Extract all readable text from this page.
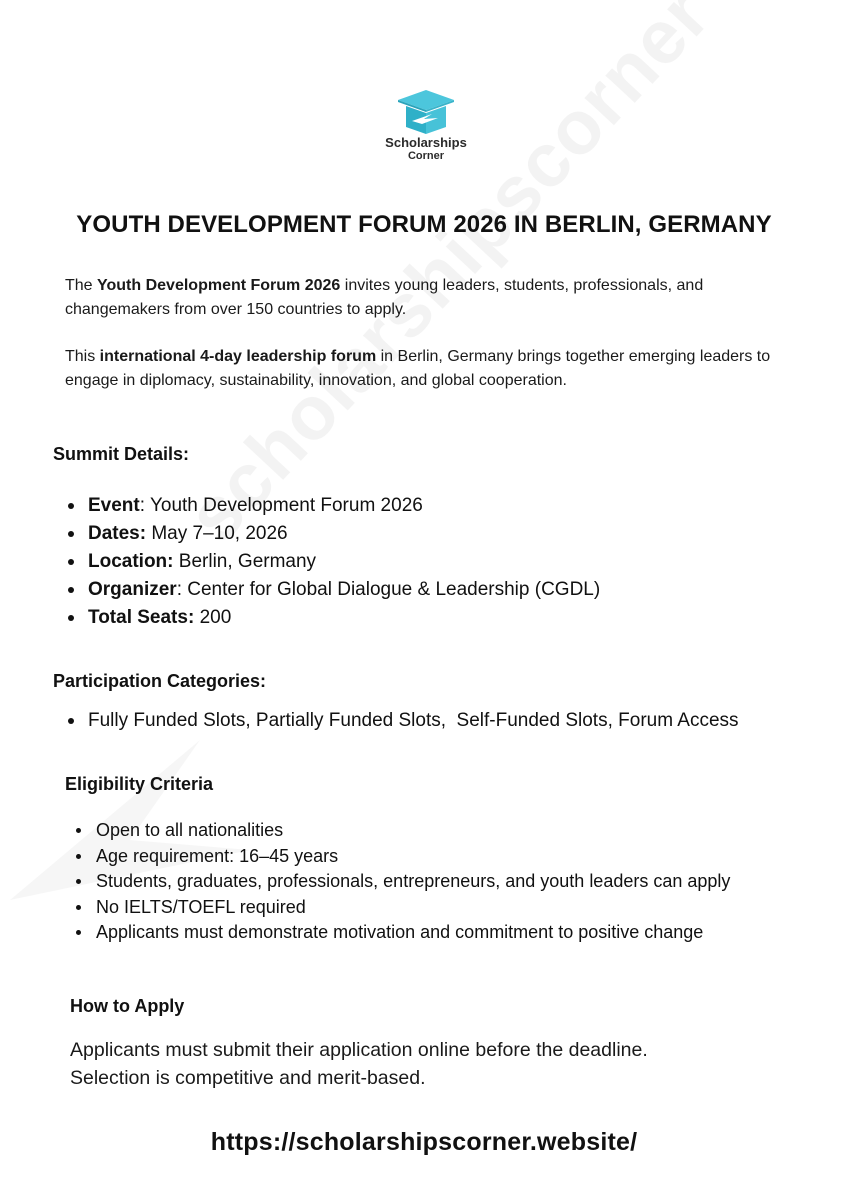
Scholarships
Corner
YOUTH DEVELOPMENT FORUM 2026 IN BERLIN, GERMANY
The Youth Development Forum 2026 invites young leaders, students, professionals, and changemakers from over 150 countries to apply.
This international 4-day leadership forum in Berlin, Germany brings together emerging leaders to engage in diplomacy, sustainability, innovation, and global cooperation.
Summit Details:
Event: Youth Development Forum 2026
Dates: May 7–10, 2026
Location: Berlin, Germany
Organizer: Center for Global Dialogue & Leadership (CGDL)
Total Seats: 200
Participation Categories:
Fully Funded Slots, Partially Funded Slots,  Self-Funded Slots, Forum Access
Eligibility Criteria
Open to all nationalities
Age requirement: 16–45 years
Students, graduates, professionals, entrepreneurs, and youth leaders can apply
No IELTS/TOEFL required
Applicants must demonstrate motivation and commitment to positive change
How to Apply
Applicants must submit their application online before the deadline.
Selection is competitive and merit-based.
https://scholarshipscorner.website/
